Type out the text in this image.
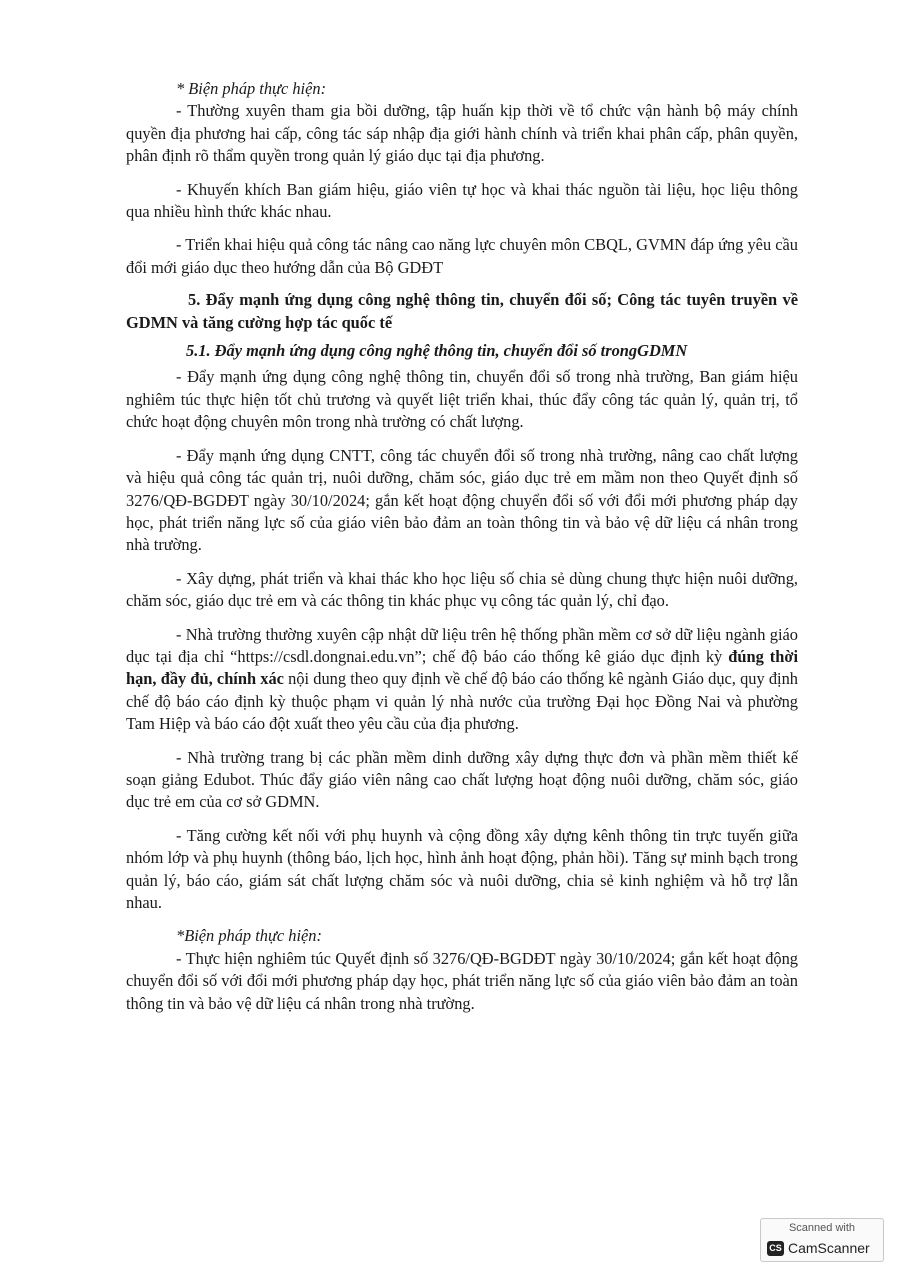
* Biện pháp thực hiện:

- Thường xuyên tham gia bồi dưỡng, tập huấn kịp thời về tổ chức vận hành bộ máy chính quyền địa phương hai cấp, công tác sáp nhập địa giới hành chính và triển khai phân cấp, phân quyền, phân định rõ thẩm quyền trong quản lý giáo dục tại địa phương.

- Khuyến khích Ban giám hiệu, giáo viên tự học và khai thác nguồn tài liệu, học liệu thông qua nhiều hình thức khác nhau.

- Triển khai hiệu quả công tác nâng cao năng lực chuyên môn CBQL, GVMN đáp ứng yêu cầu đổi mới giáo dục theo hướng dẫn của Bộ GDĐT

5. Đẩy mạnh ứng dụng công nghệ thông tin, chuyển đổi số; Công tác tuyên truyền về GDMN và tăng cường hợp tác quốc tế

5.1. Đẩy mạnh ứng dụng công nghệ thông tin, chuyển đổi số trongGDMN

- Đẩy mạnh ứng dụng công nghệ thông tin, chuyển đổi số trong nhà trường, Ban giám hiệu nghiêm túc thực hiện tốt chủ trương và quyết liệt triển khai, thúc đẩy công tác quản lý, quản trị, tổ chức hoạt động chuyên môn trong nhà trường có chất lượng.

- Đẩy mạnh ứng dụng CNTT, công tác chuyển đổi số trong nhà trường, nâng cao chất lượng và hiệu quả công tác quản trị, nuôi dưỡng, chăm sóc, giáo dục trẻ em mầm non theo Quyết định số 3276/QĐ-BGDĐT ngày 30/10/2024; gắn kết hoạt động chuyển đổi số với đổi mới phương pháp dạy học, phát triển năng lực số của giáo viên bảo đảm an toàn thông tin và bảo vệ dữ liệu cá nhân trong nhà trường.

- Xây dựng, phát triển và khai thác kho học liệu số chia sẻ dùng chung thực hiện nuôi dưỡng, chăm sóc, giáo dục trẻ em và các thông tin khác phục vụ công tác quản lý, chỉ đạo.

- Nhà trường thường xuyên cập nhật dữ liệu trên hệ thống phần mềm cơ sở dữ liệu ngành giáo dục tại địa chỉ “https://csdl.dongnai.edu.vn”; chế độ báo cáo thống kê giáo dục định kỳ đúng thời hạn, đầy đủ, chính xác nội dung theo quy định về chế độ báo cáo thống kê ngành Giáo dục, quy định chế độ báo cáo định kỳ thuộc phạm vi quản lý nhà nước của trường Đại học Đồng Nai và phường Tam Hiệp và báo cáo đột xuất theo yêu cầu của địa phương.

- Nhà trường trang bị các phần mềm dinh dưỡng xây dựng thực đơn và phần mềm thiết kế soạn giảng Edubot. Thúc đẩy giáo viên nâng cao chất lượng hoạt động nuôi dưỡng, chăm sóc, giáo dục trẻ em của cơ sở GDMN.

- Tăng cường kết nối với phụ huynh và cộng đồng xây dựng kênh thông tin trực tuyến giữa nhóm lớp và phụ huynh (thông báo, lịch học, hình ảnh hoạt động, phản hồi). Tăng sự minh bạch trong quản lý, báo cáo, giám sát chất lượng chăm sóc và nuôi dưỡng, chia sẻ kinh nghiệm và hỗ trợ lẫn nhau.

*Biện pháp thực hiện:

- Thực hiện nghiêm túc Quyết định số 3276/QĐ-BGDĐT ngày 30/10/2024; gắn kết hoạt động chuyển đổi số với đổi mới phương pháp dạy học, phát triển năng lực số của giáo viên bảo đảm an toàn thông tin và bảo vệ dữ liệu cá nhân trong nhà trường.

Scanned with
CS CamScanner
